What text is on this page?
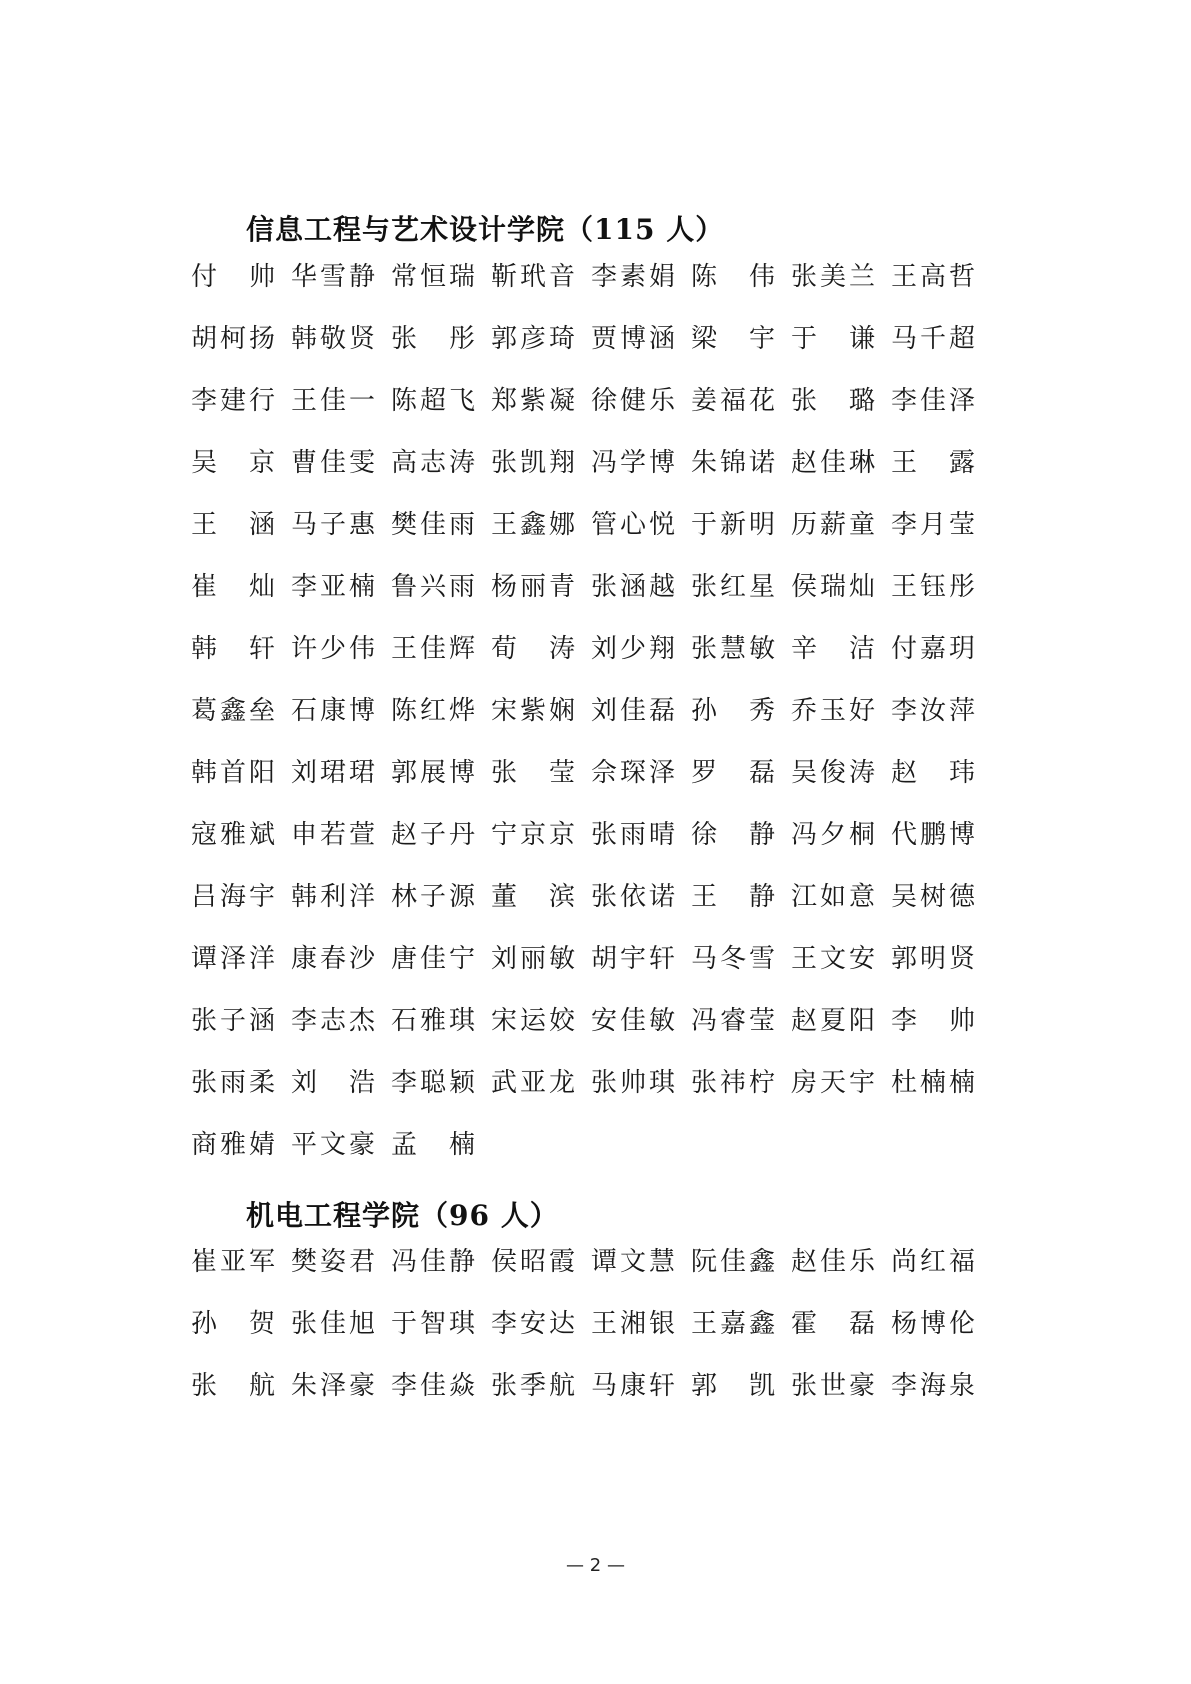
信息工程与艺术设计学院（115 人）
付 帅 华 雪 静 常 恒 瑞 靳 玳 音 李 素 娟 陈 伟 张 美 兰 王 高 哲
胡 柯 扬 韩 敬 贤 张 彤 郭 彦 琦 贾 博 涵 梁 宇 于 谦 马 千 超
李 建 行 王 佳 一 陈 超 飞 郑 紫 凝 徐 健 乐 姜 福 花 张 璐 李 佳 泽
吴 京 曹 佳 雯 高 志 涛 张 凯 翔 冯 学 博 朱 锦 诺 赵 佳 琳 王 露
王 涵 马 子 惠 樊 佳 雨 王 鑫 娜 管 心 悦 于 新 明 历 薪 童 李 月 莹
崔 灿 李 亚 楠 鲁 兴 雨 杨 丽 青 张 涵 越 张 红 星 侯 瑞 灿 王 钰 彤
韩 轩 许 少 伟 王 佳 辉 荀 涛 刘 少 翔 张 慧 敏 辛 洁 付 嘉 玥
葛 鑫 垒 石 康 博 陈 红 烨 宋 紫 娴 刘 佳 磊 孙 秀 乔 玉 好 李 汝 萍
韩 首 阳 刘 珺 珺 郭 展 博 张 莹 佘 琛 泽 罗 磊 吴 俊 涛 赵 玮
寇 雅 斌 申 若 萱 赵 子 丹 宁 京 京 张 雨 晴 徐 静 冯 夕 桐 代 鹏 博
吕 海 宇 韩 利 洋 林 子 源 董 滨 张 依 诺 王 静 江 如 意 吴 树 德
谭 泽 洋 康 春 沙 唐 佳 宁 刘 丽 敏 胡 宇 轩 马 冬 雪 王 文 安 郭 明 贤
张 子 涵 李 志 杰 石 雅 琪 宋 运 姣 安 佳 敏 冯 睿 莹 赵 夏 阳 李 帅
张 雨 柔 刘 浩 李 聪 颖 武 亚 龙 张 帅 琪 张 祎 柠 房 天 宇 杜 楠 楠
商 雅 婧 平 文 豪 孟 楠
机电工程学院（96 人）
崔 亚 军 樊 姿 君 冯 佳 静 侯 昭 霞 谭 文 慧 阮 佳 鑫 赵 佳 乐 尚 红 福
孙 贺 张 佳 旭 于 智 琪 李 安 达 王 湘 银 王 嘉 鑫 霍 磊 杨 博 伦
张 航 朱 泽 豪 李 佳 焱 张 季 航 马 康 轩 郭 凯 张 世 豪 李 海 泉
— 2 —
